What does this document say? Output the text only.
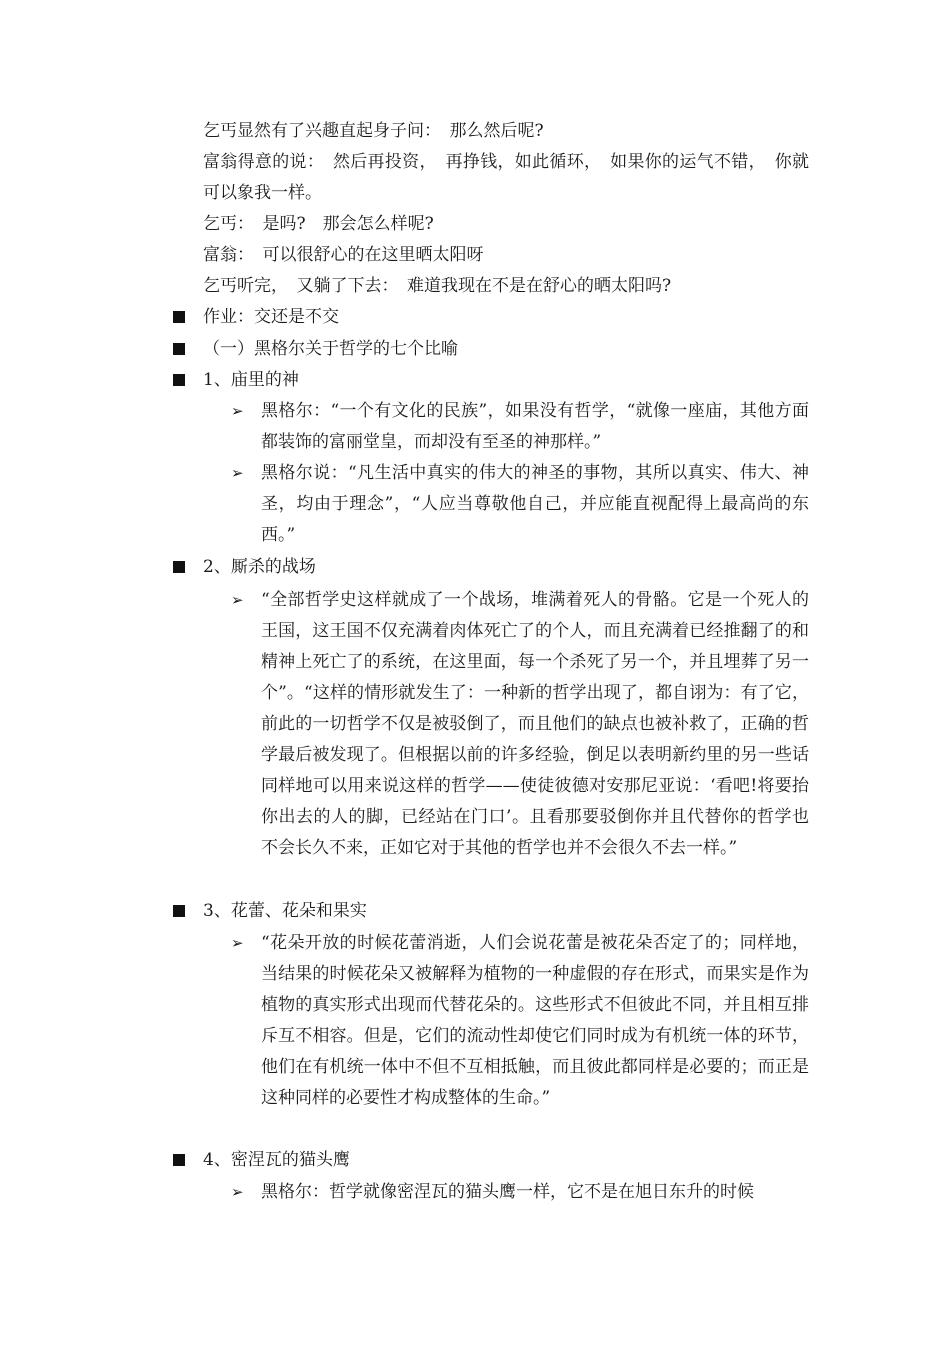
乞丐显然有了兴趣直起身子问：　那么然后呢?
富翁得意的说：　然后再投资，　再挣钱，如此循环，　如果你的运气不错，　你就可以象我一样。
乞丐：　是吗?　那会怎么样呢?
富翁：　可以很舒心的在这里晒太阳呀
乞丐听完，　又躺了下去：　难道我现在不是在舒心的晒太阳吗?
作业：交还是不交
（一）黑格尔关于哲学的七个比喻
1、庙里的神
➢ 黑格尔：“一个有文化的民族”，如果没有哲学，“就像一座庙，其他方面都装饰的富丽堂皇，而却没有至圣的神那样。”
➢ 黑格尔说：“凡生活中真实的伟大的神圣的事物，其所以真实、伟大、神圣，均由于理念”，“人应当尊敬他自己，并应能直视配得上最高尚的东西。”
2、厮杀的战场
➢ “全部哲学史这样就成了一个战场，堆满着死人的骨骼。它是一个死人的王国，这王国不仅充满着肉体死亡了的个人，而且充满着已经推翻了的和精神上死亡了的系统，在这里面，每一个杀死了另一个，并且埋葬了另一个”。“这样的情形就发生了：一种新的哲学出现了，都自诩为：有了它，前此的一切哲学不仅是被驳倒了，而且他们的缺点也被补救了，正确的哲学最后被发现了。但根据以前的许多经验，倒足以表明新约里的另一些话同样地可以用来说这样的哲学——使徒彼德对安那尼亚说：‘看吧!将要抬你出去的人的脚，已经站在门口’。且看那要驳倒你并且代替你的哲学也不会长久不来，正如它对于其他的哲学也并不会很久不去一样。”
3、花蕾、花朵和果实
➢ “花朵开放的时候花蕾消逝，人们会说花蕾是被花朵否定了的；同样地，当结果的时候花朵又被解释为植物的一种虚假的存在形式，而果实是作为植物的真实形式出现而代替花朵的。这些形式不但彼此不同，并且相互排斥互不相容。但是，它们的流动性却使它们同时成为有机统一体的环节，他们在有机统一体中不但不互相抵触，而且彼此都同样是必要的；而正是这种同样的必要性才构成整体的生命。”
4、密涅瓦的猫头鹰
➢ 黑格尔：哲学就像密涅瓦的猫头鹰一样，它不是在旭日东升的时候
